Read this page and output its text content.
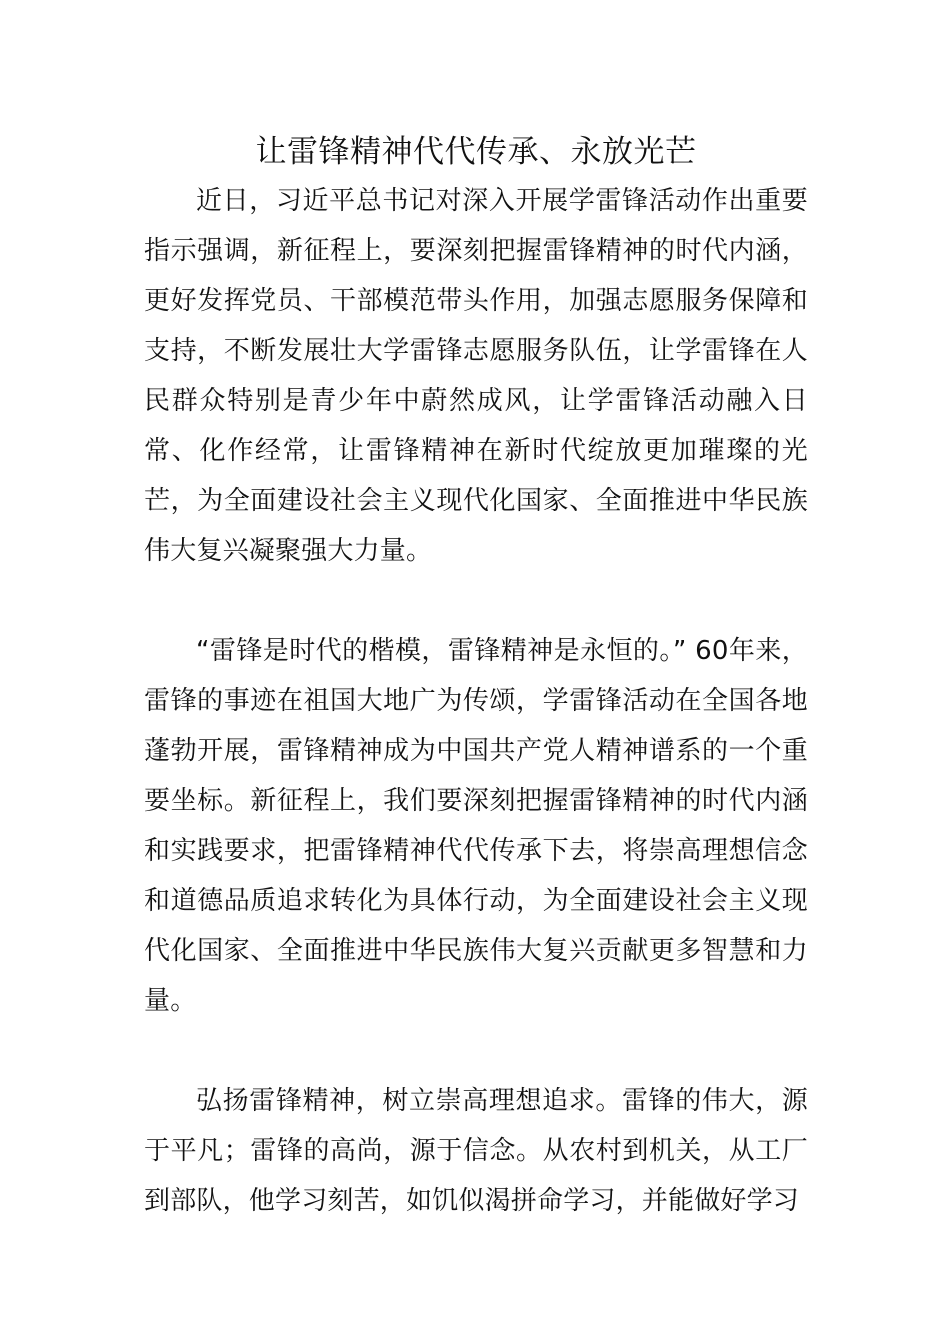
让雷锋精神代代传承、永放光芒

近日，习近平总书记对深入开展学雷锋活动作出重要指示强调，新征程上，要深刻把握雷锋精神的时代内涵，更好发挥党员、干部模范带头作用，加强志愿服务保障和支持，不断发展壮大学雷锋志愿服务队伍，让学雷锋在人民群众特别是青少年中蔚然成风，让学雷锋活动融入日常、化作经常，让雷锋精神在新时代绽放更加璀璨的光芒，为全面建设社会主义现代化国家、全面推进中华民族伟大复兴凝聚强大力量。

“雷锋是时代的楷模，雷锋精神是永恒的。” 60年来，雷锋的事迹在祖国大地广为传颂，学雷锋活动在全国各地蓬勃开展，雷锋精神成为中国共产党人精神谱系的一个重要坐标。新征程上，我们要深刻把握雷锋精神的时代内涵和实践要求，把雷锋精神代代传承下去，将崇高理想信念和道德品质追求转化为具体行动，为全面建设社会主义现代化国家、全面推进中华民族伟大复兴贡献更多智慧和力量。

弘扬雷锋精神，树立崇高理想追求。雷锋的伟大，源于平凡；雷锋的高尚，源于信念。从农村到机关，从工厂到部队，他学习刻苦，如饥似渴拼命学习，并能做好学习
